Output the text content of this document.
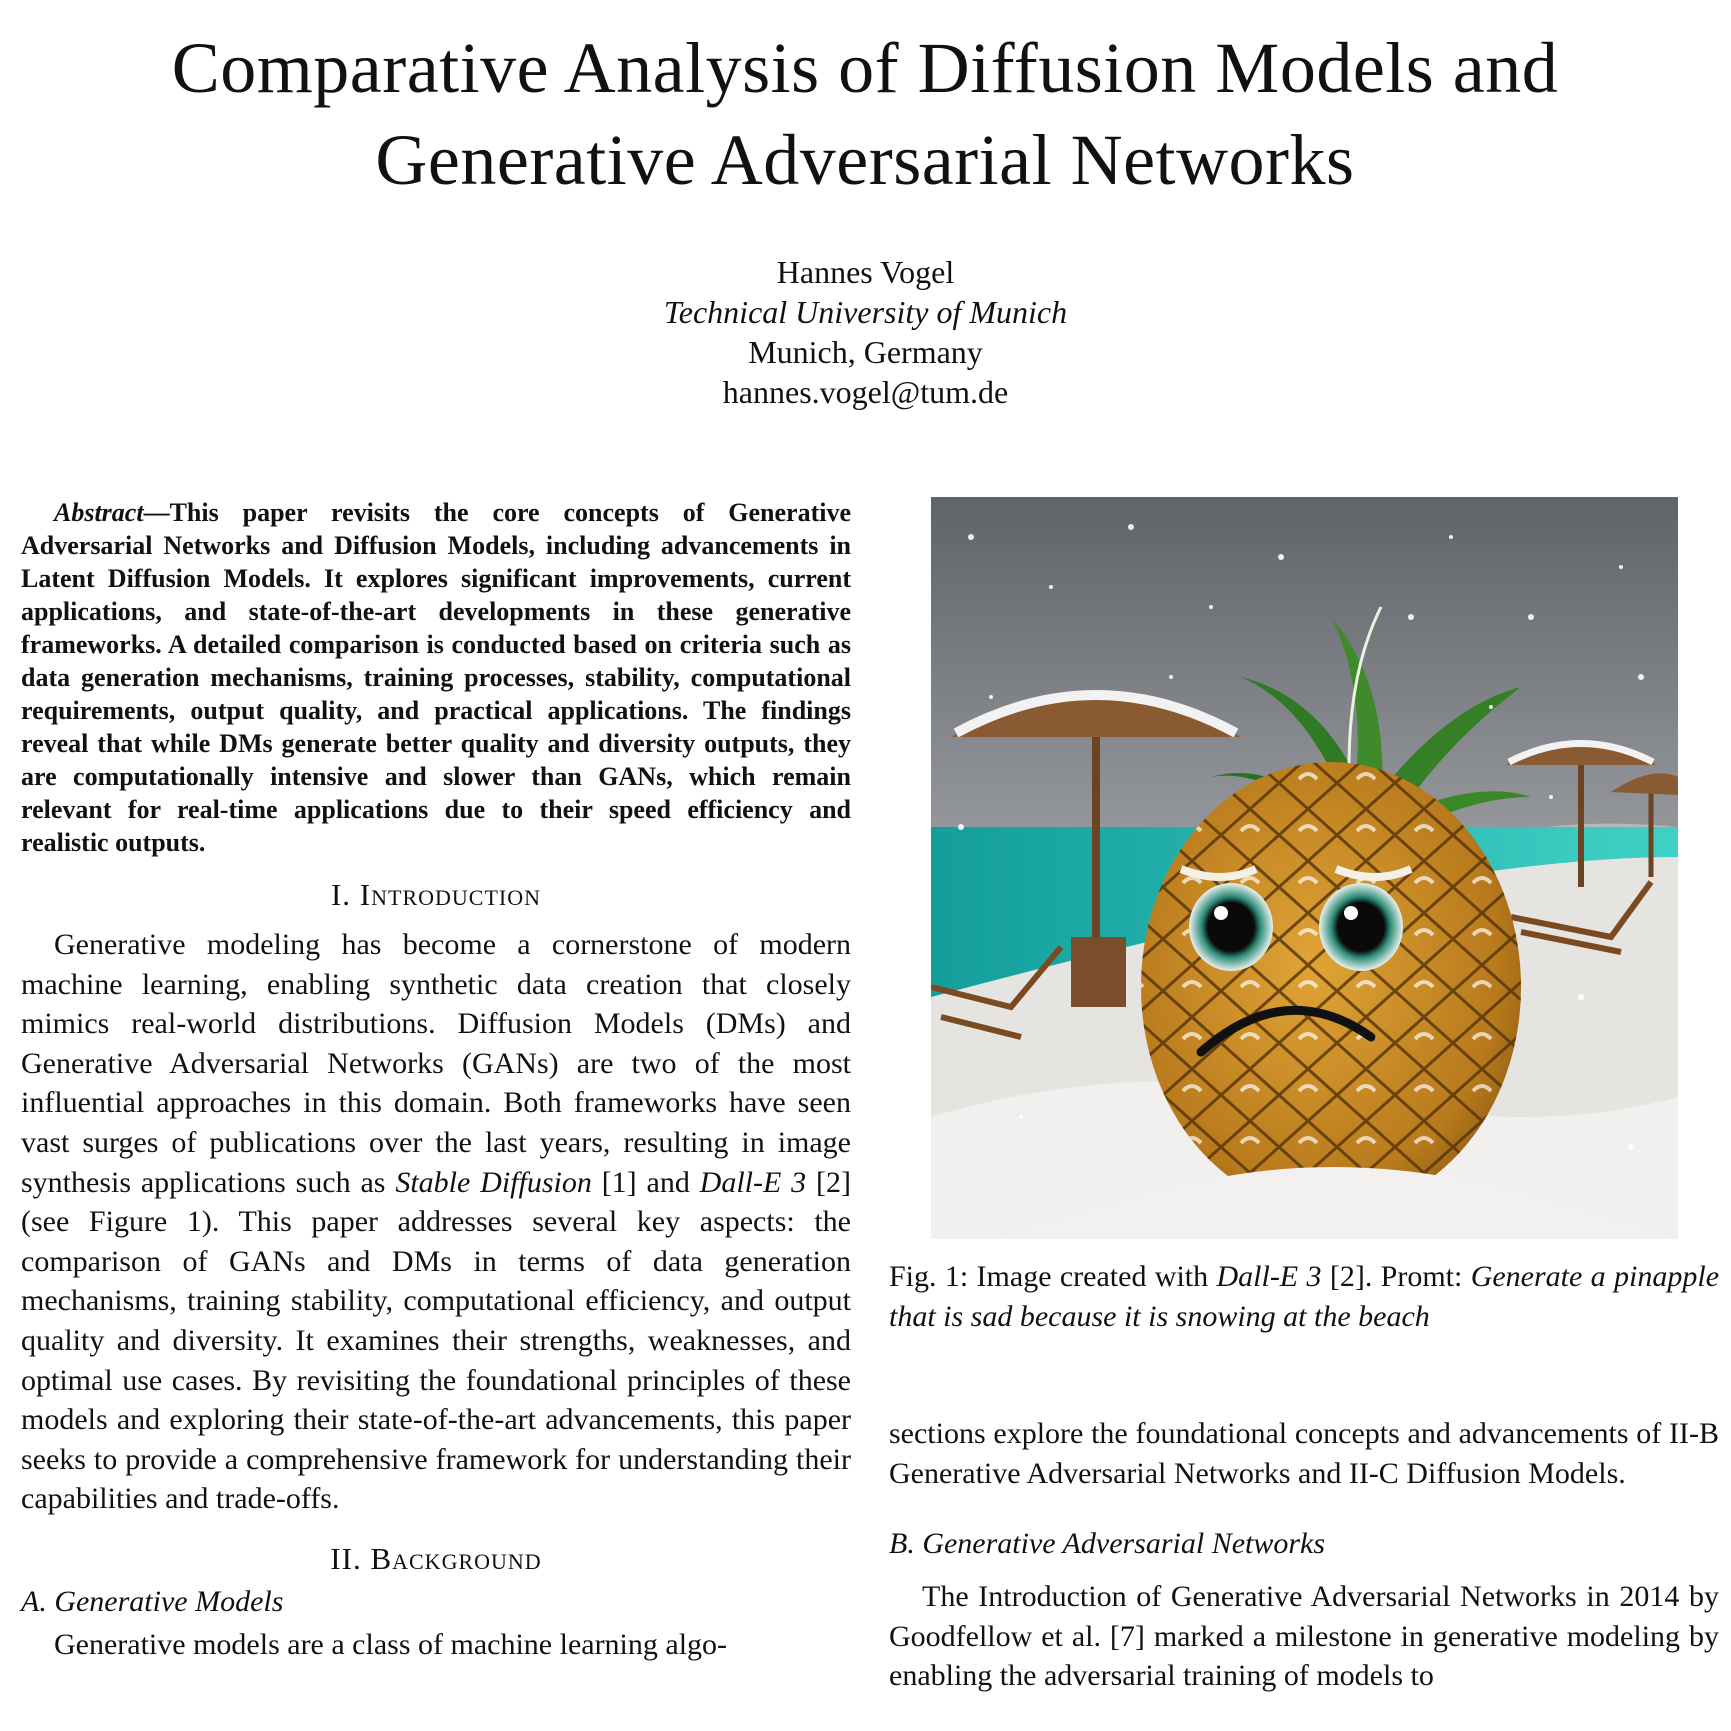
Comparative Analysis of Diffusion Models and
Generative Adversarial Networks
Hannes Vogel
Technical University of Munich
Munich, Germany
hannes.vogel@tum.de

Abstract—This paper revisits the core concepts of Generative Adversarial Networks and Diffusion Models, including advancements in Latent Diffusion Models. It explores significant improvements, current applications, and state-of-the-art developments in these generative frameworks. A detailed comparison is conducted based on criteria such as data generation mechanisms, training processes, stability, computational requirements, output quality, and practical applications. The findings reveal that while DMs generate better quality and diversity outputs, they are computationally intensive and slower than GANs, which remain relevant for real-time applications due to their speed efficiency and realistic outputs.

I. Introduction

Generative modeling has become a cornerstone of modern machine learning, enabling synthetic data creation that closely mimics real-world distributions. Diffusion Models (DMs) and Generative Adversarial Networks (GANs) are two of the most influential approaches in this domain. Both frameworks have seen vast surges of publications over the last years, resulting in image synthesis applications such as Stable Diffusion [1] and Dall-E 3 [2] (see Figure 1). This paper addresses several key aspects: the comparison of GANs and DMs in terms of data generation mechanisms, training stability, computational efficiency, and output quality and diversity. It examines their strengths, weaknesses, and optimal use cases. By revisiting the foundational principles of these models and exploring their state-of-the-art advancements, this paper seeks to provide a comprehensive framework for understanding their capabilities and trade-offs.

II. Background
A. Generative Models

Generative models are a class of machine learning algo-

Fig. 1: Image created with Dall-E 3 [2]. Promt: Generate a pinapple that is sad because it is snowing at the beach

sections explore the foundational concepts and advancements of II-B Generative Adversarial Networks and II-C Diffusion Models.

B. Generative Adversarial Networks

The Introduction of Generative Adversarial Networks in 2014 by Goodfellow et al. [7] marked a milestone in generative modeling by enabling the adversarial training of models to
